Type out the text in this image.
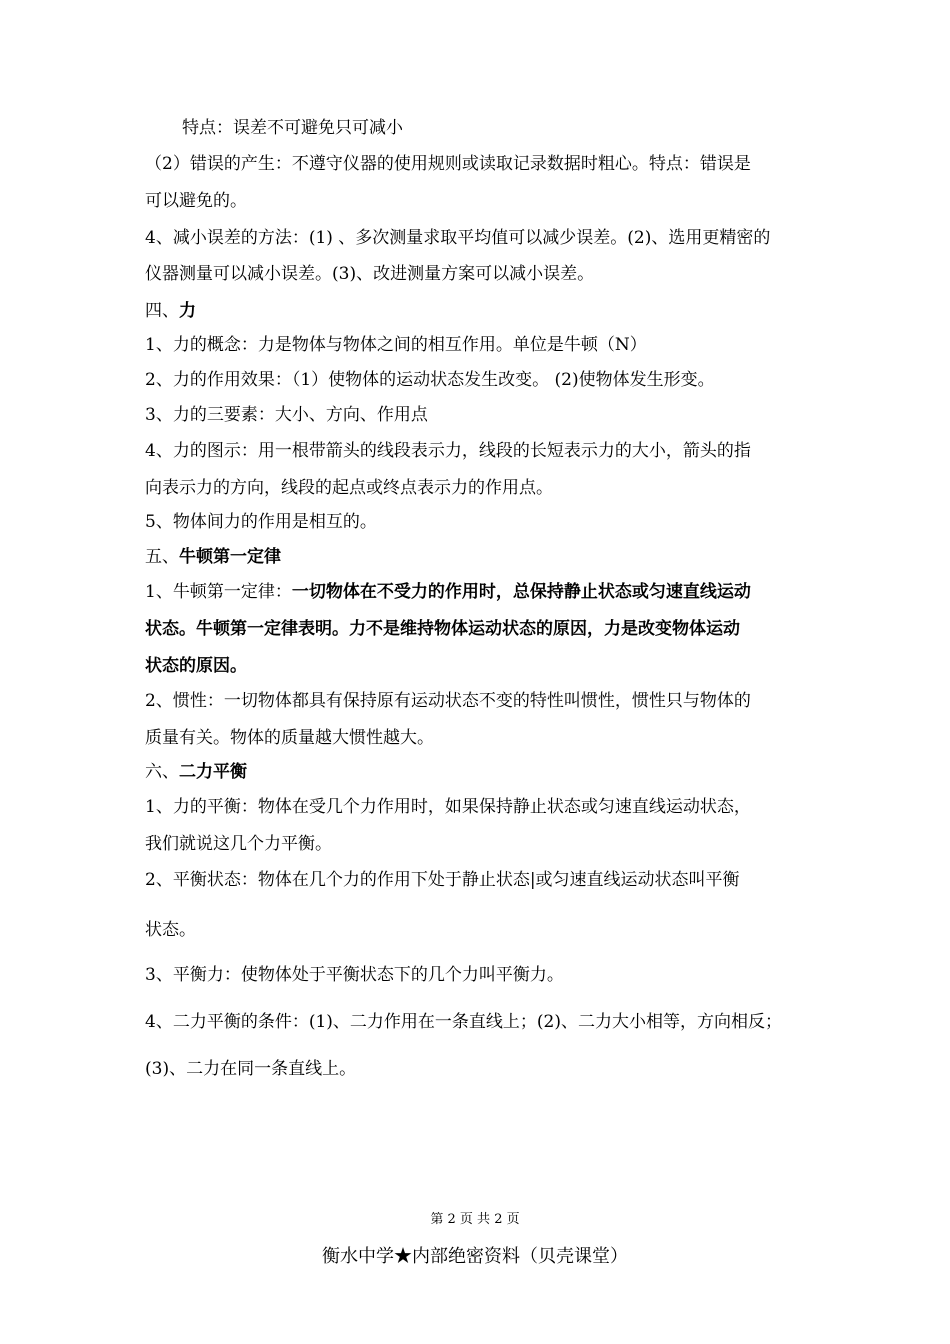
特点：误差不可避免只可减小
（2）错误的产生：不遵守仪器的使用规则或读取记录数据时粗心。特点：错误是
可以避免的。
4、减小误差的方法：(1) 、多次测量求取平均值可以减少误差。(2)、选用更精密的
仪器测量可以减小误差。(3)、改进测量方案可以减小误差。
四、力
1、力的概念：力是物体与物体之间的相互作用。单位是牛顿（N）
2、力的作用效果：（1）使物体的运动状态发生改变。 (2)使物体发生形变。
3、力的三要素：大小、方向、作用点
4、力的图示：用一根带箭头的线段表示力，线段的长短表示力的大小，箭头的指
向表示力的方向，线段的起点或终点表示力的作用点。
5、物体间力的作用是相互的。
五、牛顿第一定律
1、牛顿第一定律：一切物体在不受力的作用时，总保持静止状态或匀速直线运动
状态。牛顿第一定律表明。力不是维持物体运动状态的原因，力是改变物体运动
状态的原因。
2、惯性：一切物体都具有保持原有运动状态不变的特性叫惯性，惯性只与物体的
质量有关。物体的质量越大惯性越大。
六、二力平衡
1、力的平衡：物体在受几个力作用时，如果保持静止状态或匀速直线运动状态，
我们就说这几个力平衡。
2、平衡状态：物体在几个力的作用下处于静止状态|或匀速直线运动状态叫平衡
状态。
3、平衡力：使物体处于平衡状态下的几个力叫平衡力。
4、二力平衡的条件：(1)、二力作用在一条直线上；(2)、二力大小相等，方向相反；
(3)、二力在同一条直线上。
第 2 页 共 2 页
衡水中学★内部绝密资料（贝壳课堂）
